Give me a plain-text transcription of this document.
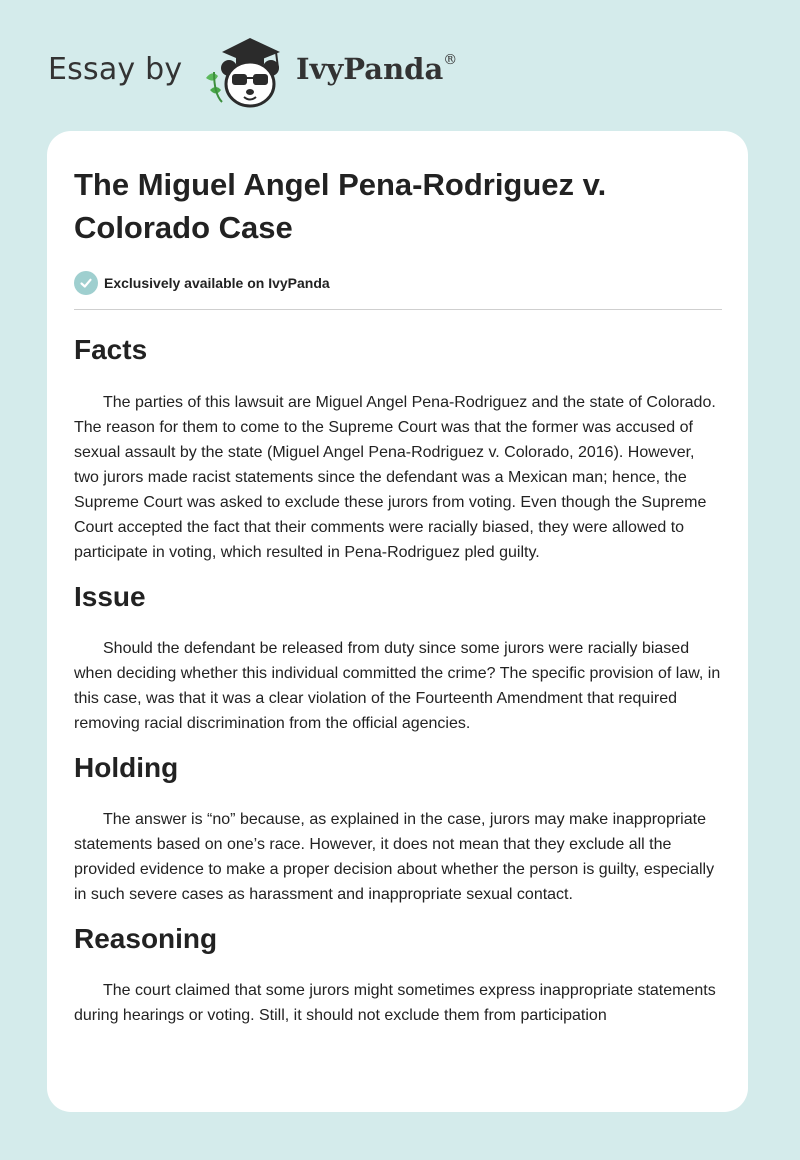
Essay by	IvyPanda®
The Miguel Angel Pena-Rodriguez v. Colorado Case
Exclusively available on IvyPanda
Facts

The parties of this lawsuit are Miguel Angel Pena-Rodriguez and the state of Colorado. The reason for them to come to the Supreme Court was that the former was accused of sexual assault by the state (Miguel Angel Pena-Rodriguez v. Colorado, 2016). However, two jurors made racist statements since the defendant was a Mexican man; hence, the Supreme Court was asked to exclude these jurors from voting. Even though the Supreme Court accepted the fact that their comments were racially biased, they were allowed to participate in voting, which resulted in Pena-Rodriguez pled guilty.

Issue

Should the defendant be released from duty since some jurors were racially biased when deciding whether this individual committed the crime? The specific provision of law, in this case, was that it was a clear violation of the Fourteenth Amendment that required removing racial discrimination from the official agencies.

Holding

The answer is “no” because, as explained in the case, jurors may make inappropriate statements based on one’s race. However, it does not mean that they exclude all the provided evidence to make a proper decision about whether the person is guilty, especially in such severe cases as harassment and inappropriate sexual contact.

Reasoning

The court claimed that some jurors might sometimes express inappropriate statements during hearings or voting. Still, it should not exclude them from participation
